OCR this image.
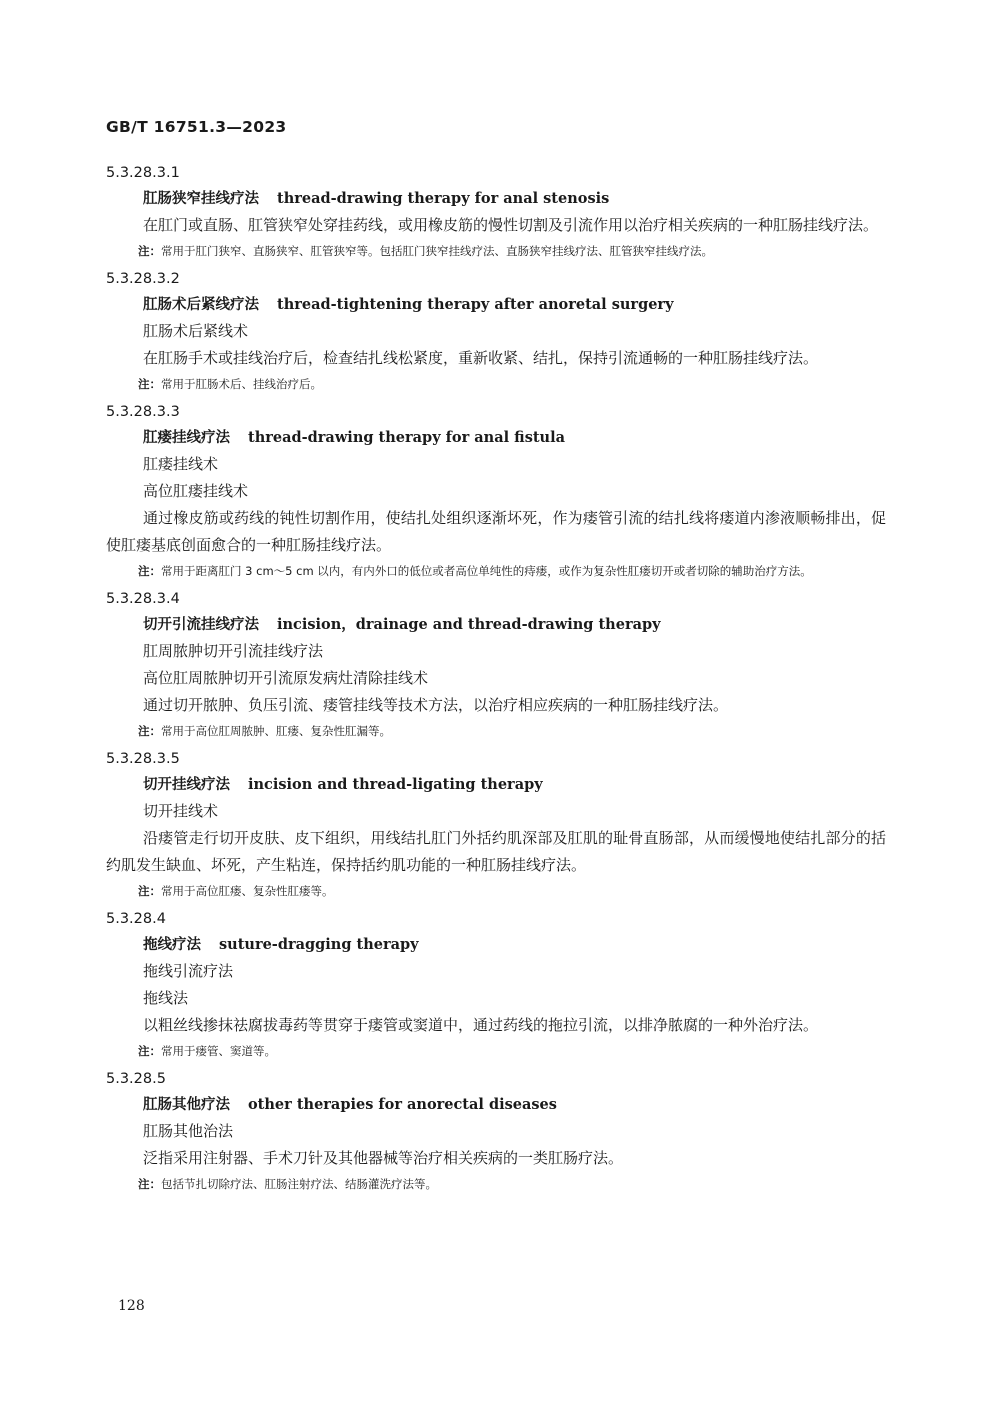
GB/T 16751.3—2023
5.3.28.3.1
肛肠狭窄挂线疗法 thread-drawing therapy for anal stenosis
在肛门或直肠、肛管狭窄处穿挂药线，或用橡皮筋的慢性切割及引流作用以治疗相关疾病的一种肛肠挂线疗法。
注：常用于肛门狭窄、直肠狭窄、肛管狭窄等。包括肛门狭窄挂线疗法、直肠狭窄挂线疗法、肛管狭窄挂线疗法。
5.3.28.3.2
肛肠术后紧线疗法 thread-tightening therapy after anoretal surgery
肛肠术后紧线术
在肛肠手术或挂线治疗后，检查结扎线松紧度，重新收紧、结扎，保持引流通畅的一种肛肠挂线疗法。
注：常用于肛肠术后、挂线治疗后。
5.3.28.3.3
肛瘘挂线疗法 thread-drawing therapy for anal fistula
肛瘘挂线术
高位肛瘘挂线术
通过橡皮筋或药线的钝性切割作用，使结扎处组织逐渐坏死，作为瘘管引流的结扎线将瘘道内渗液顺畅排出，促使肛瘘基底创面愈合的一种肛肠挂线疗法。
注：常用于距离肛门 3 cm～5 cm 以内，有内外口的低位或者高位单纯性的痔瘘，或作为复杂性肛瘘切开或者切除的辅助治疗方法。
5.3.28.3.4
切开引流挂线疗法 incision，drainage and thread-drawing therapy
肛周脓肿切开引流挂线疗法
高位肛周脓肿切开引流原发病灶清除挂线术
通过切开脓肿、负压引流、瘘管挂线等技术方法，以治疗相应疾病的一种肛肠挂线疗法。
注：常用于高位肛周脓肿、肛瘘、复杂性肛漏等。
5.3.28.3.5
切开挂线疗法 incision and thread-ligating therapy
切开挂线术
沿瘘管走行切开皮肤、皮下组织，用线结扎肛门外括约肌深部及肛肌的耻骨直肠部，从而缓慢地使结扎部分的括约肌发生缺血、坏死，产生粘连，保持括约肌功能的一种肛肠挂线疗法。
注：常用于高位肛瘘、复杂性肛瘘等。
5.3.28.4
拖线疗法 suture-dragging therapy
拖线引流疗法
拖线法
以粗丝线掺抹祛腐拔毒药等贯穿于瘘管或窦道中，通过药线的拖拉引流，以排净脓腐的一种外治疗法。
注：常用于瘘管、窦道等。
5.3.28.5
肛肠其他疗法 other therapies for anorectal diseases
肛肠其他治法
泛指采用注射器、手术刀针及其他器械等治疗相关疾病的一类肛肠疗法。
注：包括节扎切除疗法、肛肠注射疗法、结肠灌洗疗法等。
128
